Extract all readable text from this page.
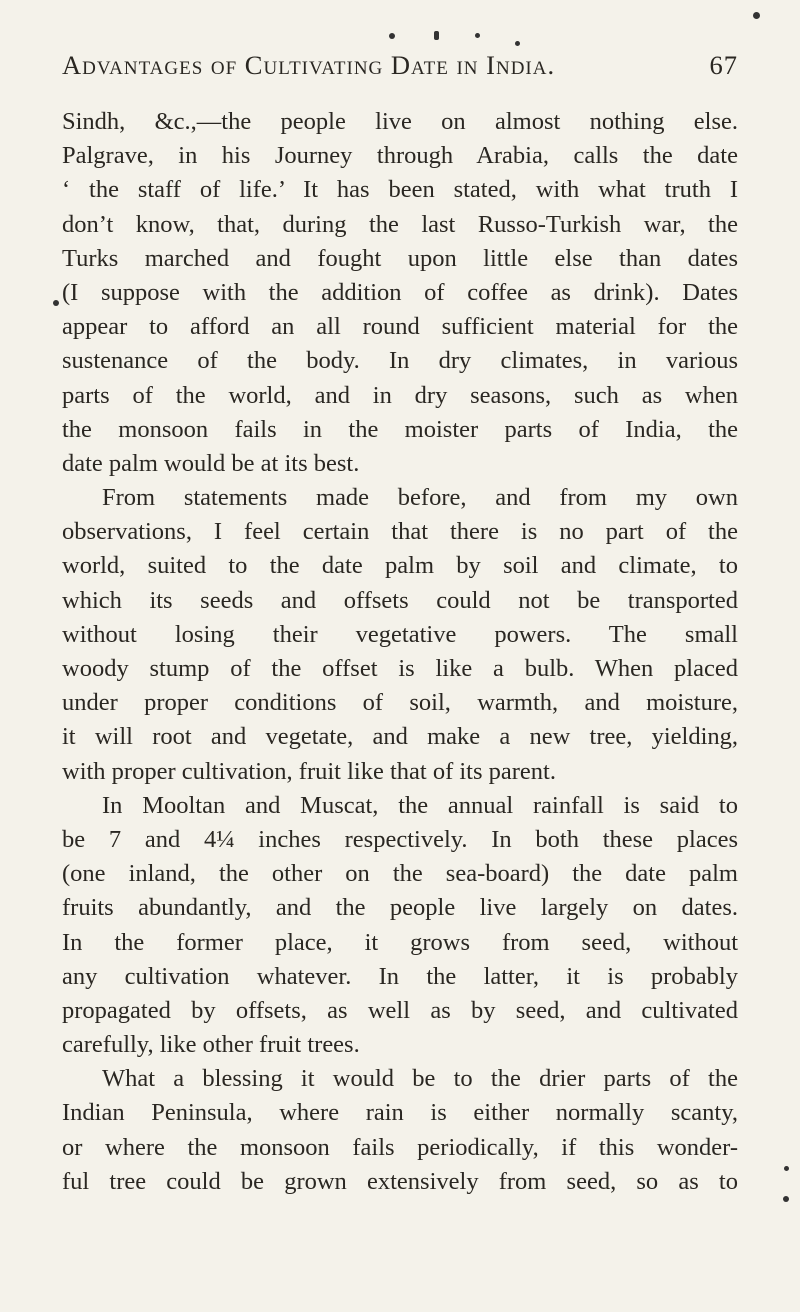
Advantages of Cultivating Date in India.	67
Sindh, &c.,—the people live on almost nothing else.
Palgrave, in his Journey through Arabia, calls the date
‘ the staff of life.’ It has been stated, with what truth I
don’t know, that, during the last Russo-Turkish war, the
Turks marched and fought upon little else than dates
(I suppose with the addition of coffee as drink). Dates
appear to afford an all round sufficient material for the
sustenance of the body. In dry climates, in various
parts of the world, and in dry seasons, such as when
the monsoon fails in the moister parts of India, the
date palm would be at its best.
From statements made before, and from my own
observations, I feel certain that there is no part of the
world, suited to the date palm by soil and climate, to
which its seeds and offsets could not be transported
without losing their vegetative powers. The small
woody stump of the offset is like a bulb. When placed
under proper conditions of soil, warmth, and moisture,
it will root and vegetate, and make a new tree, yielding,
with proper cultivation, fruit like that of its parent.
In Mooltan and Muscat, the annual rainfall is said to
be 7 and 4¼ inches respectively. In both these places
(one inland, the other on the sea-board) the date palm
fruits abundantly, and the people live largely on dates.
In the former place, it grows from seed, without
any cultivation whatever. In the latter, it is probably
propagated by offsets, as well as by seed, and cultivated
carefully, like other fruit trees.
What a blessing it would be to the drier parts of the
Indian Peninsula, where rain is either normally scanty,
or where the monsoon fails periodically, if this wonder-
ful tree could be grown extensively from seed, so as to
